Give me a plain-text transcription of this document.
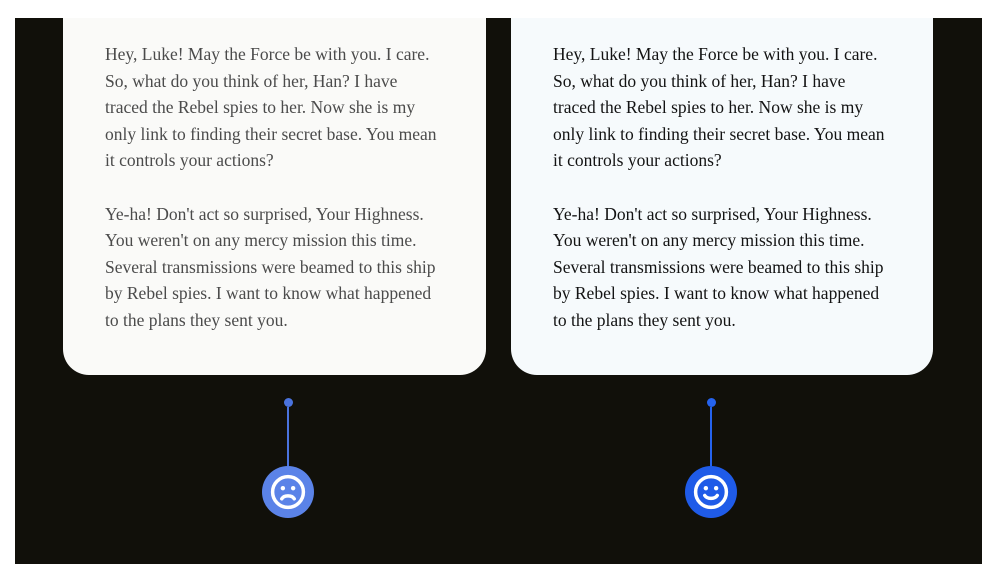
Hey, Luke! May the Force be with you. I care.
So, what do you think of her, Han? I have
traced the Rebel spies to her. Now she is my
only link to finding their secret base. You mean
it controls your actions?

Ye-ha! Don't act so surprised, Your Highness.
You weren't on any mercy mission this time.
Several transmissions were beamed to this ship
by Rebel spies. I want to know what happened
to the plans they sent you.

Hey, Luke! May the Force be with you. I care.
So, what do you think of her, Han? I have
traced the Rebel spies to her. Now she is my
only link to finding their secret base. You mean
it controls your actions?

Ye-ha! Don't act so surprised, Your Highness.
You weren't on any mercy mission this time.
Several transmissions were beamed to this ship
by Rebel spies. I want to know what happened
to the plans they sent you.
